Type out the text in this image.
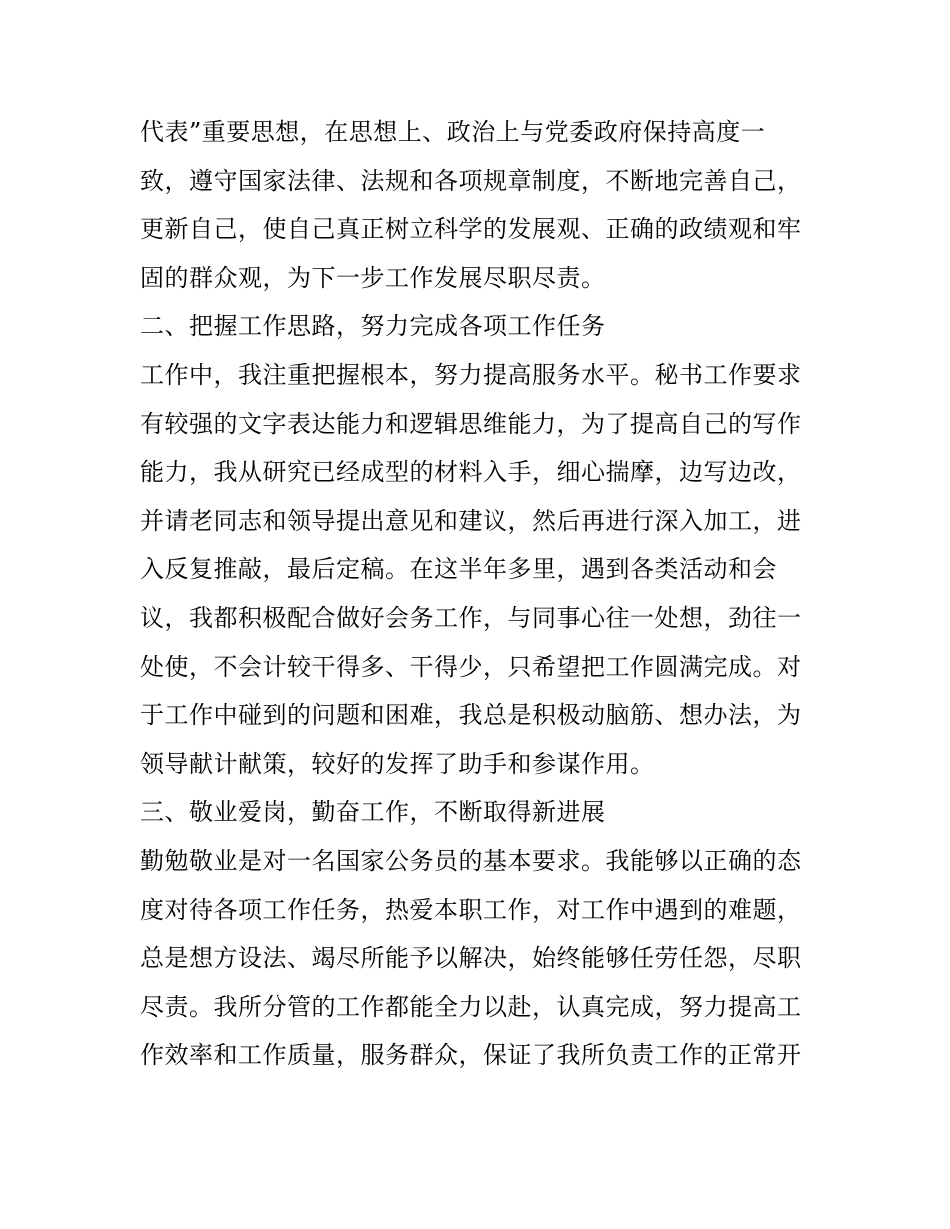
代表”重要思想，在思想上、政治上与党委政府保持高度一
致，遵守国家法律、法规和各项规章制度，不断地完善自己，
更新自己，使自己真正树立科学的发展观、正确的政绩观和牢
固的群众观，为下一步工作发展尽职尽责。
二、把握工作思路，努力完成各项工作任务
工作中，我注重把握根本，努力提高服务水平。秘书工作要求
有较强的文字表达能力和逻辑思维能力，为了提高自己的写作
能力，我从研究已经成型的材料入手，细心揣摩，边写边改，
并请老同志和领导提出意见和建议，然后再进行深入加工，进
入反复推敲，最后定稿。在这半年多里，遇到各类活动和会
议，我都积极配合做好会务工作，与同事心往一处想，劲往一
处使，不会计较干得多、干得少，只希望把工作圆满完成。对
于工作中碰到的问题和困难，我总是积极动脑筋、想办法，为
领导献计献策，较好的发挥了助手和参谋作用。
三、敬业爱岗，勤奋工作，不断取得新进展
勤勉敬业是对一名国家公务员的基本要求。我能够以正确的态
度对待各项工作任务，热爱本职工作，对工作中遇到的难题，
总是想方设法、竭尽所能予以解决，始终能够任劳任怨，尽职
尽责。我所分管的工作都能全力以赴，认真完成，努力提高工
作效率和工作质量，服务群众，保证了我所负责工作的正常开
